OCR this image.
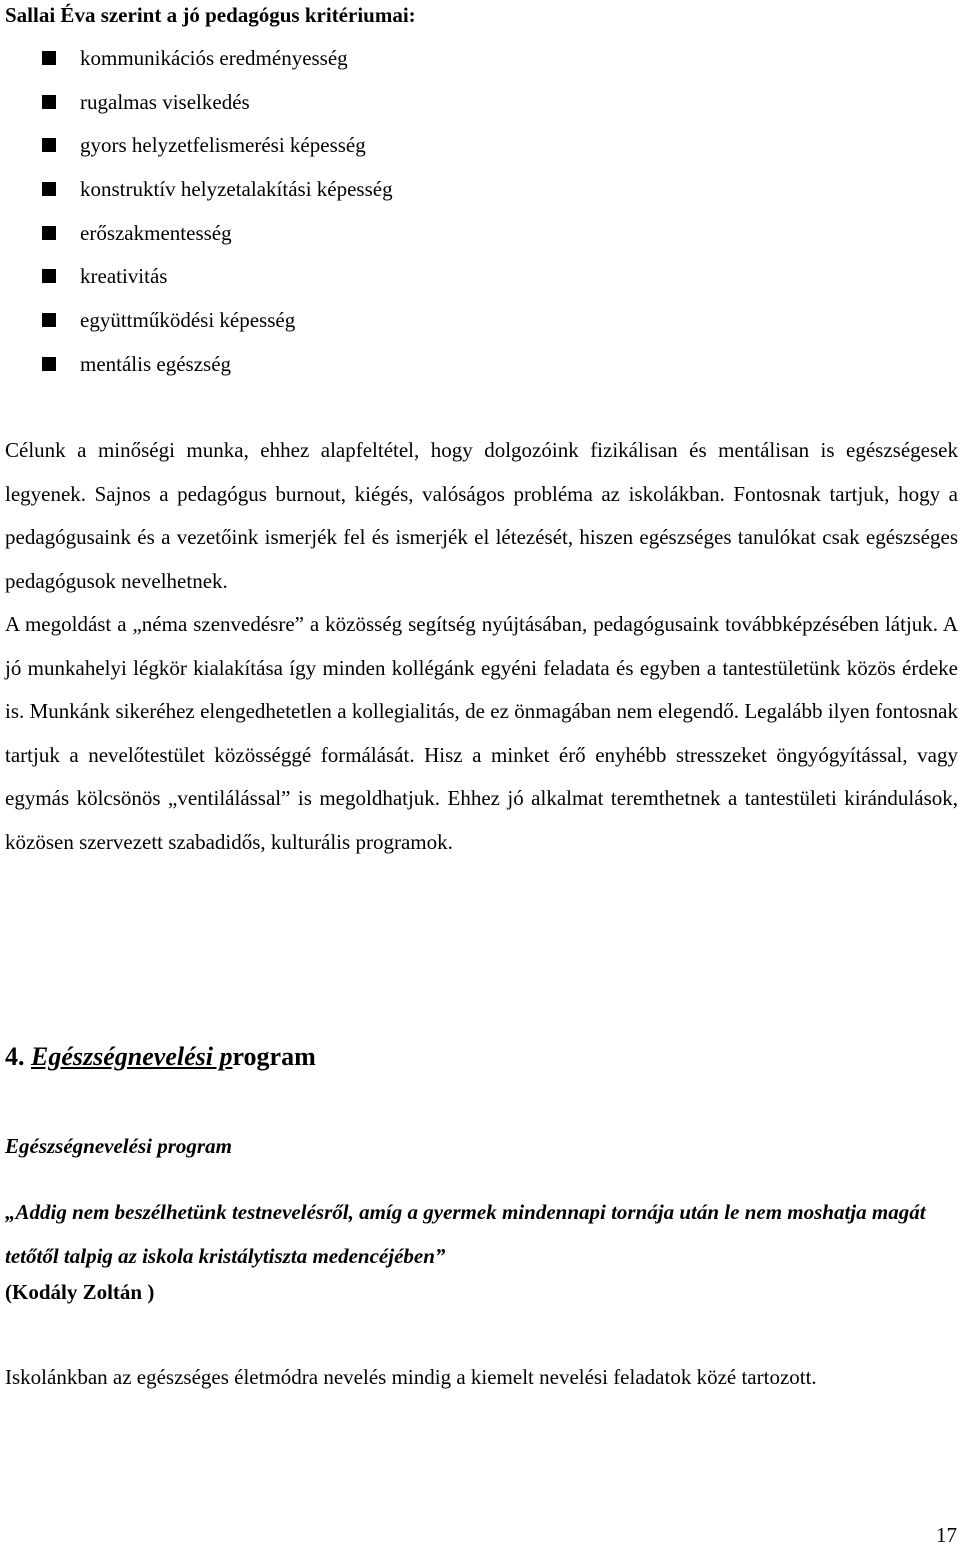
Sallai Éva szerint a jó pedagógus kritériumai:

kommunikációs eredményesség
rugalmas viselkedés
gyors helyzetfelismerési képesség
konstruktív helyzetalakítási képesség
erőszakmentesség
kreativitás
együttműködési képesség
mentális egészség

Célunk a minőségi munka, ehhez alapfeltétel, hogy dolgozóink fizikálisan és mentálisan is egészségesek legyenek. Sajnos a pedagógus burnout, kiégés, valóságos probléma az iskolákban. Fontosnak tartjuk, hogy a pedagógusaink és a vezetőink ismerjék fel és ismerjék el létezését, hiszen egészséges tanulókat csak egészséges pedagógusok nevelhetnek.

A megoldást a „néma szenvedésre” a közösség segítség nyújtásában, pedagógusaink továbbképzésében látjuk. A jó munkahelyi légkör kialakítása így minden kollégánk egyéni feladata és egyben a tantestületünk közös érdeke is. Munkánk sikeréhez elengedhetetlen a kollegialitás, de ez önmagában nem elegendő. Legalább ilyen fontosnak tartjuk a nevelőtestület közösséggé formálását. Hisz a minket érő enyhébb stresszeket öngyógyítással, vagy egymás kölcsönös „ventilálással” is megoldhatjuk. Ehhez jó alkalmat teremthetnek a tantestületi kirándulások, közösen szervezett szabadidős, kulturális programok.

4. Egészségnevelési program

Egészségnevelési program

„Addig nem beszélhetünk testnevelésről, amíg a gyermek mindennapi tornája után le nem moshatja magát tetőtől talpig az iskola kristálytiszta medencéjében”

(Kodály Zoltán )

Iskolánkban az egészséges életmódra nevelés mindig a kiemelt nevelési feladatok közé tartozott.

17
